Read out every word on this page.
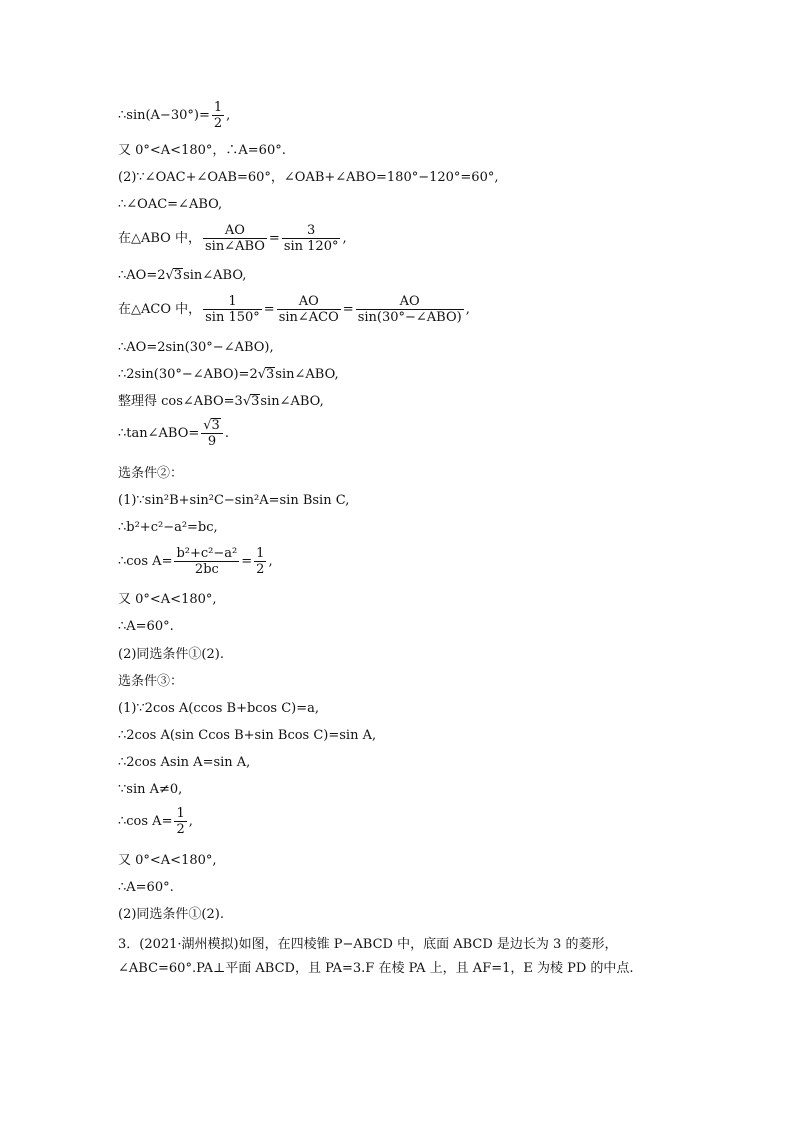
∴sin(A−30°)= $\frac{1}{2}$ ,
又 0°<A<180°，∴A=60°.
(2)∵∠OAC+∠OAB=60°，∠OAB+∠ABO=180°−120°=60°,
∴∠OAC=∠ABO,
在△ABO 中， $\frac{AO}{\text{sin∠ABO}} = \frac{3}{\sin 120^\circ}$ ,
∴AO=2√3sin∠ABO,
在△ACO 中， $\frac{1}{\sin 150^\circ} = \frac{AO}{\text{sin∠ACO}} = \frac{AO}{\text{sin(30°−∠ABO)}}$ ,
∴AO=2sin(30°−∠ABO),
∴2sin(30°−∠ABO)=2√3sin∠ABO,
整理得 cos∠ABO=3√3sin∠ABO,
∴tan∠ABO= $\frac{√3}{9}$ .
选条件②：
(1)∵sin²B+sin²C−sin²A=sin Bsin C,
∴b²+c²−a²=bc,
∴cos $A= \frac{\text{b²+c²−a²}}{2bc} = \frac{1}{2}$ ,
又 0°<A<180°,
∴A=60°.
(2)同选条件①(2).
选条件③：
(1)∵2cos A(ccos B+bcos C)=a,
∴2cos A(sin Ccos B+sin Bcos C)=sin A,
∴2cos Asin A=sin A,
∵sin A≠0,
∴cos $A= \frac{1}{2}$ ,
又 0°<A<180°,
∴A=60°.
(2)同选条件①(2).
3．(2021·湖州模拟)如图，在四棱锥 P−ABCD 中，底面 ABCD 是边长为 3 的菱形，∠ABC=60°.PA⊥平面 ABCD，且 PA=3.F 在棱 PA 上，且 AF=1，E 为棱 PD 的中点.
